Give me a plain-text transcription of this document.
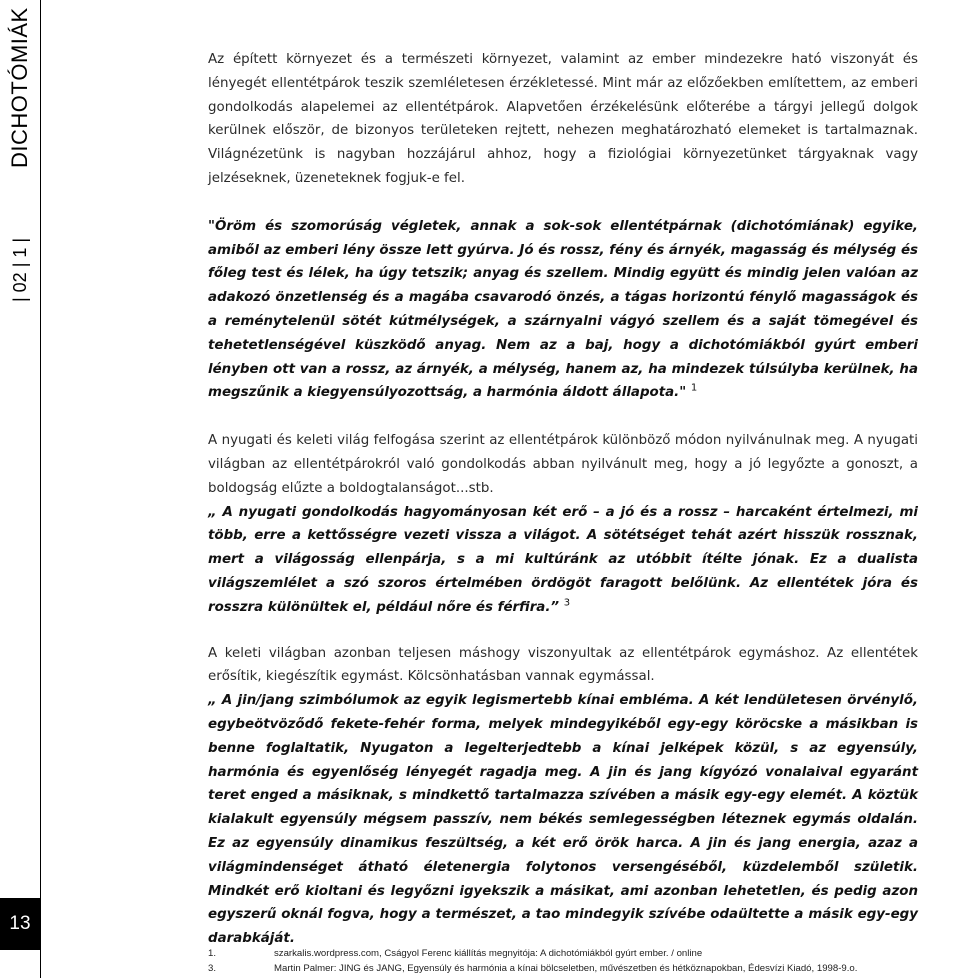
DICHOTÓMIÁK
| 02 | 1 |
13

Az épített környezet és a természeti környezet, valamint az ember mindezekre ható viszonyát és lényegét ellentétpárok teszik szemléletesen érzékletessé. Mint már az előzőekben említettem, az emberi gondolkodás alapelemei az ellentétpárok. Alapvetően érzékelésünk előterébe a tárgyi jellegű dolgok kerülnek először, de bizonyos területeken rejtett, nehezen meghatározható elemeket is tartalmaznak. Világnézetünk is nagyban hozzájárul ahhoz, hogy a fiziológiai környezetünket tárgyaknak vagy jelzéseknek, üzeneteknek fogjuk-e fel.

"Öröm és szomorúság végletek, annak a sok-sok ellentétpárnak (dichotómiának) egyike, amiből az emberi lény össze lett gyúrva. Jó és rossz, fény és árnyék, magasság és mélység és főleg test és lélek, ha úgy tetszik; anyag és szellem. Mindig együtt és mindig jelen valóan az adakozó önzetlenség és a magába csavarodó önzés, a tágas horizontú fénylő magasságok és a reménytelenül sötét kútmélységek, a szárnyalni vágyó szellem és a saját tömegével és tehetetlenségével küszködő anyag. Nem az a baj, hogy a dichotómiákból gyúrt emberi lényben ott van a rossz, az árnyék, a mélység, hanem az, ha mindezek túlsúlyba kerülnek, ha megszűnik a kiegyensúlyozottság, a harmónia áldott állapota." $^1$

A nyugati és keleti világ felfogása szerint az ellentétpárok különböző módon nyilvánulnak meg. A nyugati világban az ellentétpárokról való gondolkodás abban nyilvánult meg, hogy a jó legyőzte a gonoszt, a boldogság elűzte a boldogtalanságot...stb.

„ A nyugati gondolkodás hagyományosan két erő – a jó és a rossz – harcaként értelmezi, mi több, erre a kettősségre vezeti vissza a világot. A sötétséget tehát azért hisszük rossznak, mert a világosság ellenpárja, s a mi kultúránk az utóbbit ítélte jónak. Ez a dualista világszemlélet a szó szoros értelmében ördögöt faragott belőlünk. Az ellentétek jóra és rosszra különültek el, például nőre és férfira.” $^3$

A keleti világban azonban teljesen máshogy viszonyultak az ellentétpárok egymáshoz. Az ellentétek erősítik, kiegészítik egymást. Kölcsönhatásban vannak egymással.

„ A jin/jang szimbólumok az egyik legismertebb kínai embléma. A két lendületesen örvénylő, egybeötvöződő fekete-fehér forma, melyek mindegyikéből egy-egy köröcske a másikban is benne foglaltatik, Nyugaton a legelterjedtebb a kínai jelképek közül, s az egyensúly, harmónia és egyenlőség lényegét ragadja meg. A jin és jang kígyózó vonalaival egyaránt teret enged a másiknak, s mindkettő tartalmazza szívében a másik egy-egy elemét. A köztük kialakult egyensúly mégsem passzív, nem békés semlegességben léteznek egymás oldalán. Ez az egyensúly dinamikus feszültség, a két erő örök harca. A jin és jang energia, azaz a világmindenséget átható életenergia folytonos versengéséből, küzdelemből születik. Mindkét erő kioltani és legyőzni igyekszik a másikat, ami azonban lehetetlen, és pedig azon egyszerű oknál fogva, hogy a természet, a tao mindegyik szívébe odaültette a másik egy-egy darabkáját.

1.	szarkalis.wordpress.com, Cságyol Ferenc kiállítás megnyitója: A dichotómiákból gyúrt ember. / online
3.	Martin Palmer: JING és JANG, Egyensúly és harmónia a kínai bölcseletben, művészetben és hétköznapokban, Édesvízi Kiadó, 1998-9.o.
